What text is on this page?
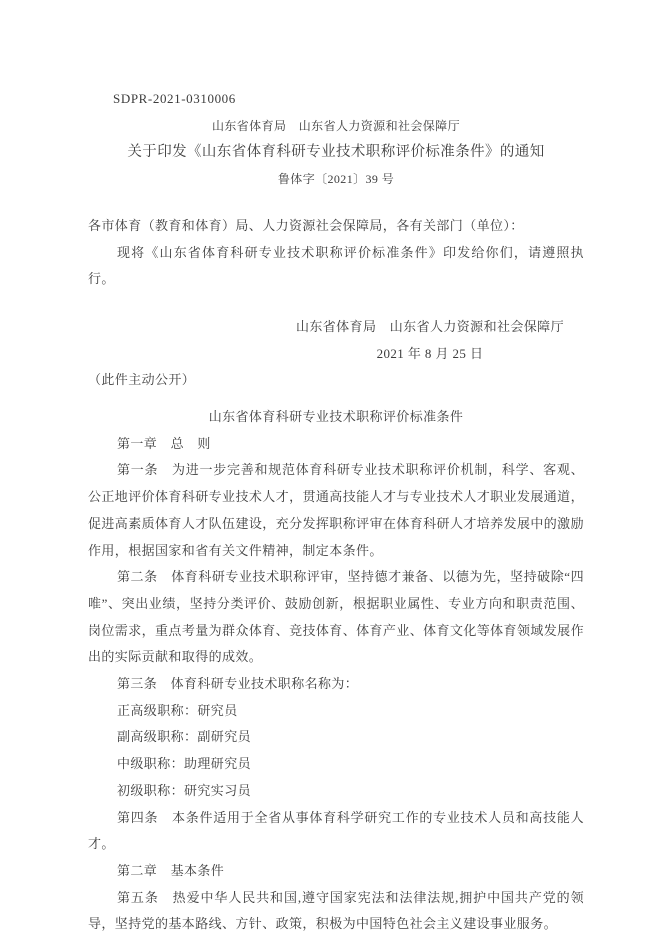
SDPR-2021-0310006
山东省体育局　山东省人力资源和社会保障厅
关于印发《山东省体育科研专业技术职称评价标准条件》的通知
鲁体字〔2021〕39 号
各市体育（教育和体育）局、人力资源社会保障局，各有关部门（单位）：
现将《山东省体育科研专业技术职称评价标准条件》印发给你们，请遵照执行。
山东省体育局　山东省人力资源和社会保障厅
2021 年 8 月 25 日
（此件主动公开）
山东省体育科研专业技术职称评价标准条件
第一章　总　则
第一条　为进一步完善和规范体育科研专业技术职称评价机制，科学、客观、公正地评价体育科研专业技术人才，贯通高技能人才与专业技术人才职业发展通道，促进高素质体育人才队伍建设，充分发挥职称评审在体育科研人才培养发展中的激励作用，根据国家和省有关文件精神，制定本条件。
第二条　体育科研专业技术职称评审，坚持德才兼备、以德为先，坚持破除“四唯”、突出业绩，坚持分类评价、鼓励创新，根据职业属性、专业方向和职责范围、岗位需求，重点考量为群众体育、竞技体育、体育产业、体育文化等体育领域发展作出的实际贡献和取得的成效。
第三条　体育科研专业技术职称名称为：
正高级职称：研究员
副高级职称：副研究员
中级职称：助理研究员
初级职称：研究实习员
第四条　本条件适用于全省从事体育科学研究工作的专业技术人员和高技能人才。
第二章　基本条件
第五条　热爱中华人民共和国,遵守国家宪法和法律法规,拥护中国共产党的领导，坚持党的基本路线、方针、政策，积极为中国特色社会主义建设事业服务。
